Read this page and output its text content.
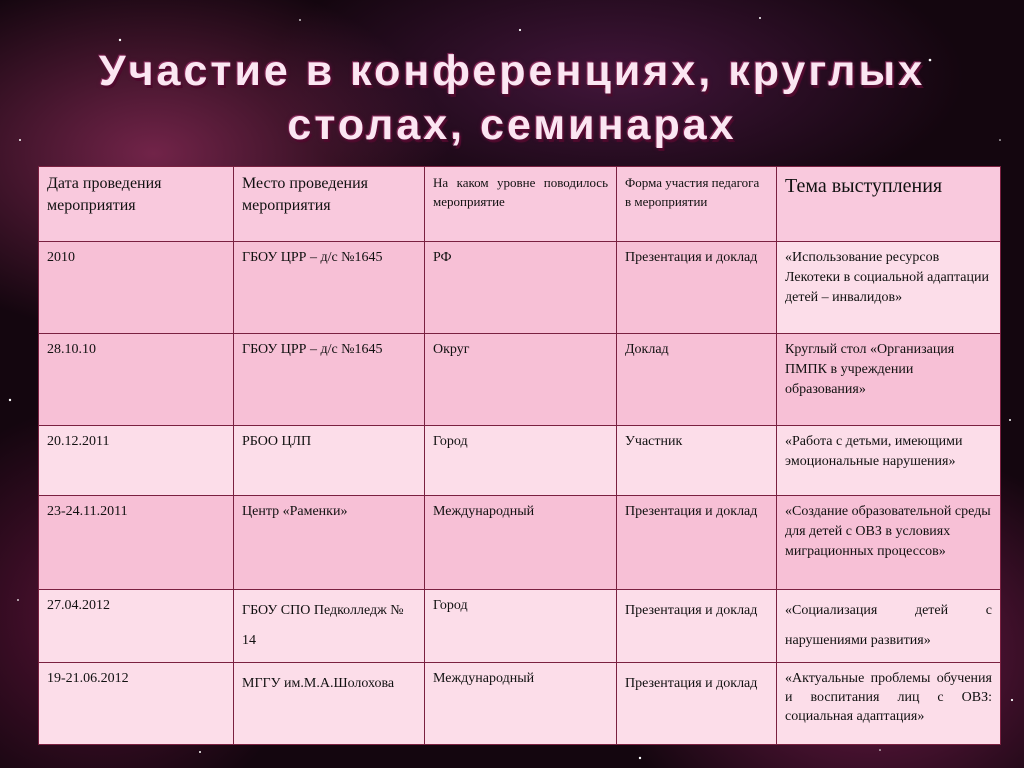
Участие в конференциях, круглых
столах, семинарах
Дата проведения мероприятия	Место проведения мероприятия	На каком уровне поводилось мероприятие	Форма участия педагога в мероприятии	Тема выступления

2010	ГБОУ ЦРР – д/с №1645	РФ	Презентация и доклад	«Использование ресурсов Лекотеки в социальной адаптации детей – инвалидов»
28.10.10	ГБОУ ЦРР – д/с №1645	Округ	Доклад	Круглый стол «Организация ПМПК в учреждении образования»
20.12.2011	РБОО ЦЛП	Город	Участник	«Работа с детьми, имеющими эмоциональные нарушения»
23-24.11.2011	Центр «Раменки»	Международный	Презентация и доклад	«Создание образовательной среды для детей с ОВЗ в условиях миграционных процессов»
27.04.2012	ГБОУ СПО Педколледж № 14	Город	Презентация и доклад	«Социализация детей с нарушениями развития»
19-21.06.2012	МГГУ им.М.А.Шолохова	Международный	Презентация и доклад	«Актуальные проблемы обучения и воспитания лиц с ОВЗ: социальная адаптация»
